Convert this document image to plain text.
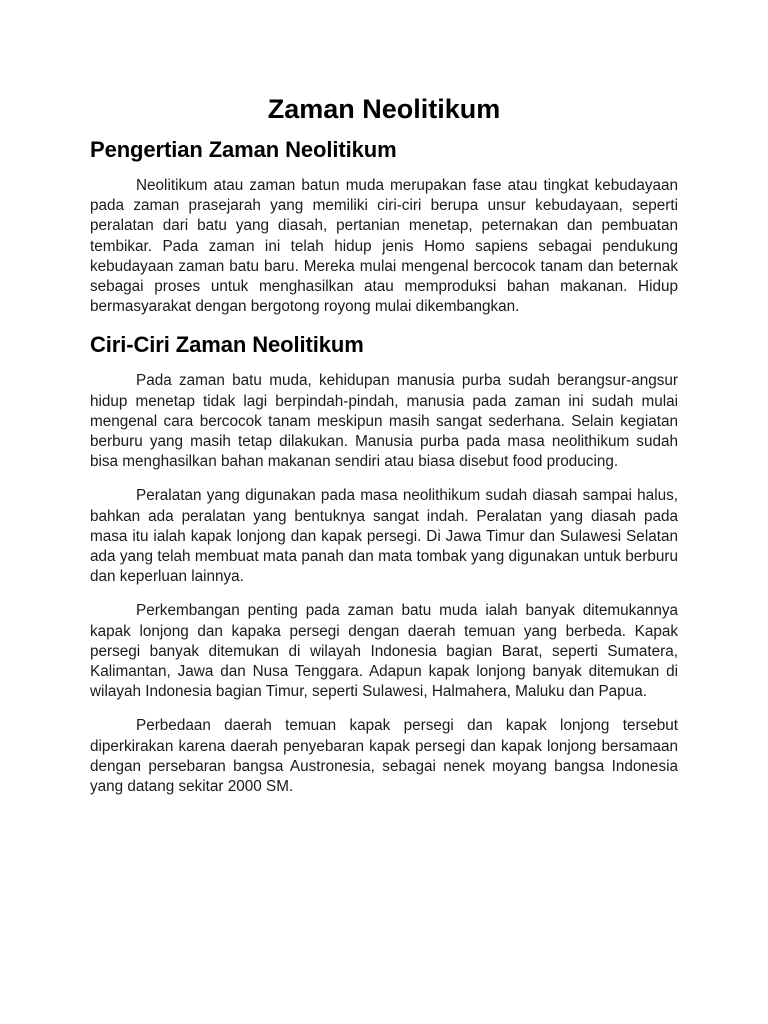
Zaman Neolitikum
Pengertian Zaman Neolitikum

Neolitikum atau zaman batun muda merupakan fase atau tingkat kebudayaan pada zaman prasejarah yang memiliki ciri-ciri berupa unsur kebudayaan, seperti peralatan dari batu yang diasah, pertanian menetap, peternakan dan pembuatan tembikar. Pada zaman ini telah hidup jenis Homo sapiens sebagai pendukung kebudayaan zaman batu baru. Mereka mulai mengenal bercocok tanam dan beternak sebagai proses untuk menghasilkan atau memproduksi bahan makanan. Hidup bermasyarakat dengan bergotong royong mulai dikembangkan.

Ciri-Ciri Zaman Neolitikum

Pada zaman batu muda, kehidupan manusia purba sudah berangsur-angsur hidup menetap tidak lagi berpindah-pindah, manusia pada zaman ini sudah mulai mengenal cara bercocok tanam meskipun masih sangat sederhana. Selain kegiatan berburu yang masih tetap dilakukan. Manusia purba pada masa neolithikum sudah bisa menghasilkan bahan makanan sendiri atau biasa disebut food producing.

Peralatan yang digunakan pada masa neolithikum sudah diasah sampai halus, bahkan ada peralatan yang bentuknya sangat indah. Peralatan yang diasah pada masa itu ialah kapak lonjong dan kapak persegi. Di Jawa Timur dan Sulawesi Selatan ada yang telah membuat mata panah dan mata tombak yang digunakan untuk berburu dan keperluan lainnya.

Perkembangan penting pada zaman batu muda ialah banyak ditemukannya kapak lonjong dan kapaka persegi dengan daerah temuan yang berbeda. Kapak persegi banyak ditemukan di wilayah Indonesia bagian Barat, seperti Sumatera, Kalimantan, Jawa dan Nusa Tenggara. Adapun kapak lonjong banyak ditemukan di wilayah Indonesia bagian Timur, seperti Sulawesi, Halmahera, Maluku dan Papua.

Perbedaan daerah temuan kapak persegi dan kapak lonjong tersebut diperkirakan karena daerah penyebaran kapak persegi dan kapak lonjong bersamaan dengan persebaran bangsa Austronesia, sebagai nenek moyang bangsa Indonesia yang datang sekitar 2000 SM.
